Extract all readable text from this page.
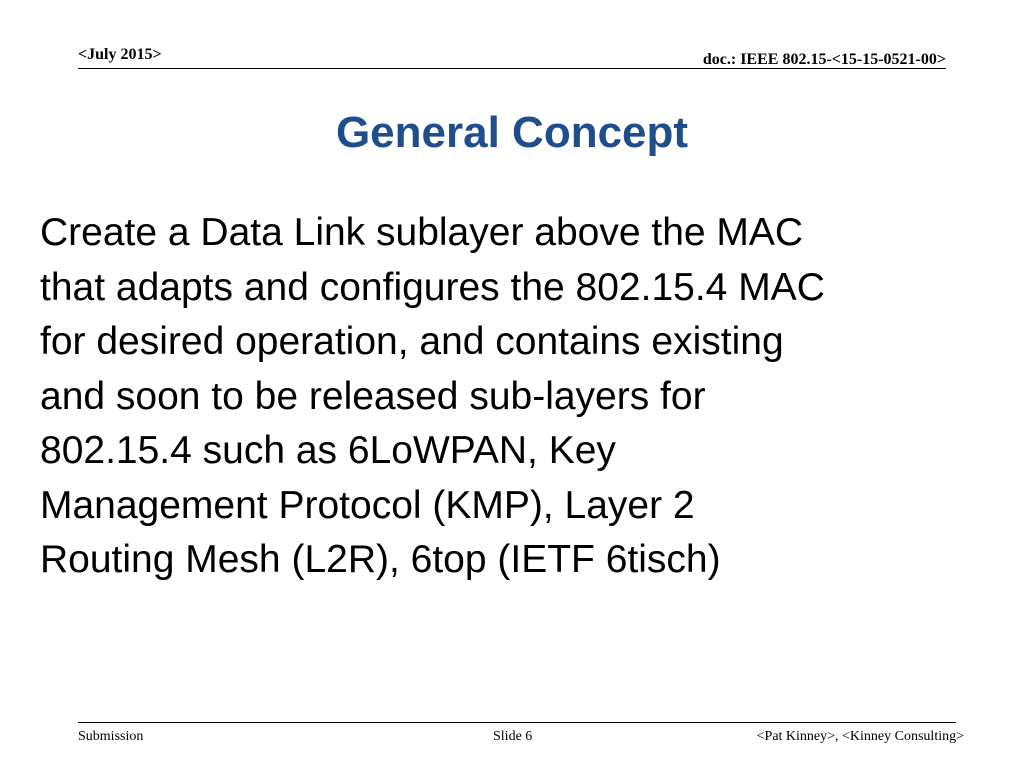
<July 2015>	doc.: IEEE 802.15-<15-15-0521-00>
General Concept
Create a Data Link sublayer above the MAC
that adapts and configures the 802.15.4 MAC
for desired operation, and contains existing
and soon to be released sub-layers for
802.15.4 such as 6LoWPAN, Key
Management Protocol (KMP), Layer 2
Routing Mesh (L2R), 6top (IETF 6tisch)
Submission	Slide 6	<Pat Kinney>, <Kinney Consulting>
